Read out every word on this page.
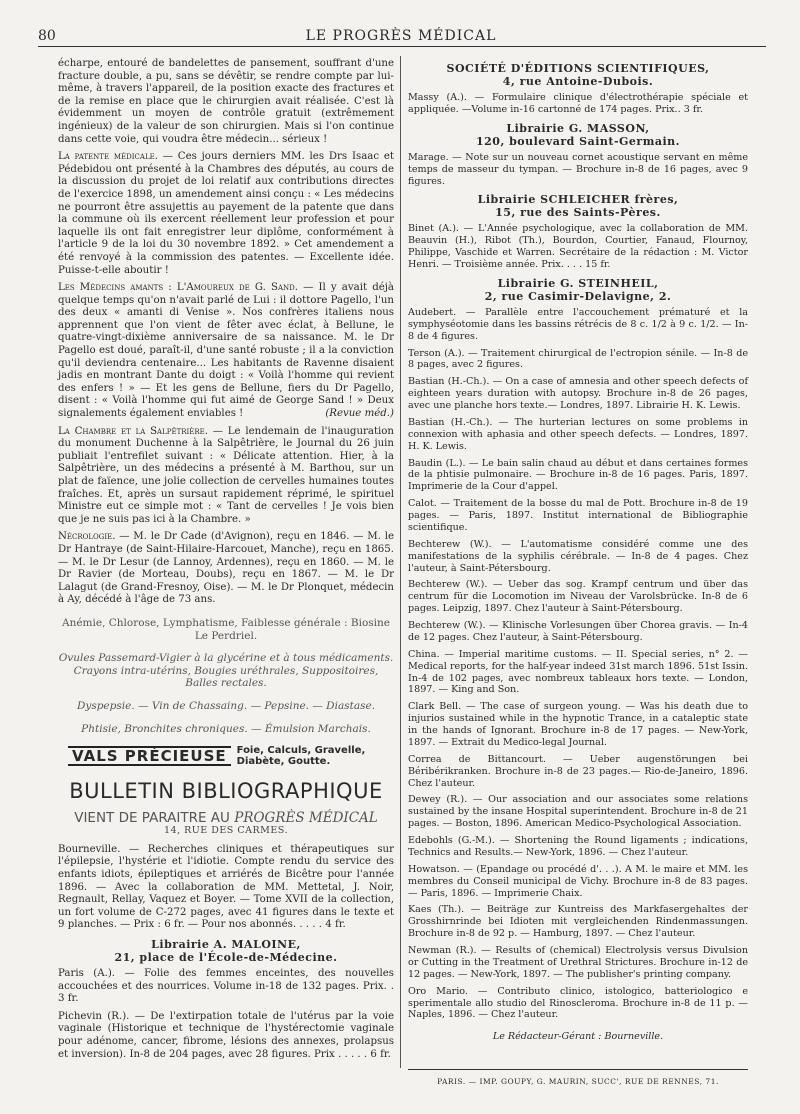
80	LE PROGRÈS MÉDICAL

écharpe, entouré de bandelettes de pansement, souffrant d'une fracture double, a pu, sans se dévêtir, se rendre compte par lui-même, à travers l'appareil, de la position exacte des fractures et de la remise en place que le chirurgien avait réalisée. C'est là évidemment un moyen de contrôle gratuit (extrêmement ingénieux) de la valeur de son chirurgien. Mais si l'on continue dans cette voie, qui voudra être médecin... sérieux !

La patente médicale. — Ces jours derniers MM. les Drs Isaac et Pédebidou ont présenté à la Chambres des députés, au cours de la discussion du projet de loi relatif aux contributions directes de l'exercice 1898, un amendement ainsi conçu : « Les médecins ne pourront être assujettis au payement de la patente que dans la commune où ils exercent réellement leur profession et pour laquelle ils ont fait enregistrer leur diplôme, conformément à l'article 9 de la loi du 30 novembre 1892. » Cet amendement a été renvoyé à la commission des patentes. — Excellente idée. Puisse-t-elle aboutir !

Les Médecins amants : L'Amoureux de G. Sand. — Il y avait déjà quelque temps qu'on n'avait parlé de Lui : il dottore Pagello, l'un des deux « amanti di Venise ». Nos confrères italiens nous apprennent que l'on vient de fêter avec éclat, à Bellune, le quatre-vingt-dixième anniversaire de sa naissance. M. le Dr Pagello est doué, paraît-il, d'une santé robuste ; il a la conviction qu'il deviendra centenaire... Les habitants de Ravenne disaient jadis en montrant Dante du doigt : « Voilà l'homme qui revient des enfers ! » — Et les gens de Bellune, fiers du Dr Pagello, disent : « Voilà l'homme qui fut aimé de George Sand ! » Deux signalements également enviables !	(Revue méd.)

La Chambre et la Salpêtrière. — Le lendemain de l'inauguration du monument Duchenne à la Salpêtrière, le Journal du 26 juin publiait l'entrefilet suivant : « Délicate attention. Hier, à la Salpêtrière, un des médecins a présenté à M. Barthou, sur un plat de faïence, une jolie collection de cervelles humaines toutes fraîches. Et, après un sursaut rapidement réprimé, le spirituel Ministre eut ce simple mot : « Tant de cervelles ! Je vois bien que je ne suis pas ici à la Chambre. »

Nécrologie. — M. le Dr Cade (d'Avignon), reçu en 1846. — M. le Dr Hantraye (de Saint-Hilaire-Harcouet, Manche), reçu en 1865. — M. le Dr Lesur (de Lannoy, Ardennes), reçu en 1860. — M. le Dr Ravier (de Morteau, Doubs), reçu en 1867. — M. le Dr Lalagut (de Grand-Fresnoy, Oise). — M. le Dr Plonquet, médecin à Ay, décédé à l'âge de 73 ans.

Anémie, Chlorose, Lymphatisme, Faiblesse générale : Biosine Le Perdriel.
Ovules Passemard-Vigier à la glycérine et à tous médicaments. Crayons intra-utérins, Bougies uréthrales, Suppositoires, Balles rectales.
Dyspepsie. — Vin de Chassaing. — Pepsine. — Diastase.
Phtisie, Bronchites chroniques. — Émulsion Marchais.
VALS PRÉCIEUSE	Foie, Calculs, Gravelle,
Diabète, Goutte.
BULLETIN BIBLIOGRAPHIQUE
VIENT DE PARAITRE AU PROGRÈS MÉDICAL
14, RUE DES CARMES.

Bourneville. — Recherches cliniques et thérapeutiques sur l'épilepsie, l'hystérie et l'idiotie. Compte rendu du service des enfants idiots, épileptiques et arriérés de Bicêtre pour l'année 1896. — Avec la collaboration de MM. Mettetal, J. Noir, Regnault, Rellay, Vaquez et Boyer. — Tome XVII de la collection, un fort volume de C-272 pages, avec 41 figures dans le texte et 9 planches. — Prix : 6 fr. — Pour nos abonnés. . . . . 4 fr.

Librairie A. MALOINE,
21, place de l'École-de-Médecine.

Paris (A.). — Folie des femmes enceintes, des nouvelles accouchées et des nourrices. Volume in-18 de 132 pages. Prix. . 3 fr.

Pichevin (R.). — De l'extirpation totale de l'utérus par la voie vaginale (Historique et technique de l'hystérectomie vaginale pour adénome, cancer, fibrome, lésions des annexes, prolapsus et inversion). In-8 de 204 pages, avec 28 figures. Prix . . . . . 6 fr.

SOCIÉTÉ D'ÉDITIONS SCIENTIFIQUES,
4, rue Antoine-Dubois.

Massy (A.). — Formulaire clinique d'électrothérapie spéciale et appliquée. —Volume in-16 cartonné de 174 pages. Prix.. 3 fr.

Librairie G. MASSON,
120, boulevard Saint-Germain.

Marage. — Note sur un nouveau cornet acoustique servant en même temps de masseur du tympan. — Brochure in-8 de 16 pages, avec 9 figures.

Librairie SCHLEICHER frères,
15, rue des Saints-Pères.

Binet (A.). — L'Année psychologique, avec la collaboration de MM. Beauvin (H.), Ribot (Th.), Bourdon, Courtier, Fanaud, Flournoy, Philippe, Vaschide et Warren. Secrétaire de la rédaction : M. Victor Henri. — Troisième année. Prix. . . . 15 fr.

Librairie G. STEINHEIL,
2, rue Casimir-Delavigne, 2.

Audebert. — Parallèle entre l'accouchement prématuré et la symphyséotomie dans les bassins rétrécis de 8 c. 1/2 à 9 c. 1/2. — In-8 de 4 figures.

Terson (A.). — Traitement chirurgical de l'ectropion sénile. — In-8 de 8 pages, avec 2 figures.

Bastian (H.-Ch.). — On a case of amnesia and other speech defects of eighteen years duration with autopsy. Brochure in-8 de 26 pages, avec une planche hors texte.— Londres, 1897. Librairie H. K. Lewis.

Bastian (H.-Ch.). — The hurterian lectures on some problems in connexion with aphasia and other speech defects. — Londres, 1897. H. K. Lewis.

Baudin (L.). — Le bain salin chaud au début et dans certaines formes de la phtisie pulmonaire. — Brochure in-8 de 16 pages. Paris, 1897. Imprimerie de la Cour d'appel.

Calot. — Traitement de la bosse du mal de Pott. Brochure in-8 de 19 pages. — Paris, 1897. Institut international de Bibliographie scientifique.

Bechterew (W.). — L'automatisme considéré comme une des manifestations de la syphilis cérébrale. — In-8 de 4 pages. Chez l'auteur, à Saint-Pétersbourg.

Bechterew (W.). — Ueber das sog. Krampf centrum und über das centrum für die Locomotion im Niveau der Varolsbrücke. In-8 de 6 pages. Leipzig, 1897. Chez l'auteur à Saint-Pétersbourg.

Bechterew (W.). — Klinische Vorlesungen über Chorea gravis. — In-4 de 12 pages. Chez l'auteur, à Saint-Pétersbourg.

China. — Imperial maritime customs. — II. Special series, n° 2. — Medical reports, for the half-year indeed 31st march 1896. 51st Issin. In-4 de 102 pages, avec nombreux tableaux hors texte. — London, 1897. — King and Son.

Clark Bell. — The case of surgeon young. — Was his death due to injurios sustained while in the hypnotic Trance, in a cataleptic state in the hands of Ignorant. Brochure in-8 de 17 pages. — New-York, 1897. — Extrait du Medico-legal Journal.

Correa de Bittancourt. — Ueber augenstörungen bei Béribérikranken. Brochure in-8 de 23 pages.— Rio-de-Janeiro, 1896. Chez l'auteur.

Dewey (R.). — Our association and our associates some relations sustained by the insane Hospital superintendent. Brochure in-8 de 21 pages. — Boston, 1896. American Medico-Psychological Association.

Edebohls (G.-M.). — Shortening the Round ligaments ; indications, Technics and Results.— New-York, 1896. — Chez l'auteur.

Howatson. — (Epandage ou procédé d'. . .). A M. le maire et MM. les membres du Conseil municipal de Vichy. Brochure in-8 de 83 pages. — Paris, 1896. — Imprimerie Chaix.

Kaes (Th.). — Beiträge zur Kuntreiss des Markfasergehaltes der Grosshirnrinde bei Idioten mit vergleichenden Rindenmassungen. Brochure in-8 de 92 p. — Hamburg, 1897. — Chez l'auteur.

Newman (R.). — Results of (chemical) Electrolysis versus Divulsion or Cutting in the Treatment of Urethral Strictures. Brochure in-12 de 12 pages. — New-York, 1897. — The publisher's printing company.

Oro Mario. — Contributo clinico, istologico, batteriologico e sperimentale allo studio del Rinoscleroma. Brochure in-8 de 11 p. — Naples, 1896. — Chez l'auteur.

Le Rédacteur-Gérant : Bourneville.
PARIS. — IMP. GOUPY, G. MAURIN, SUCC', RUE DE RENNES, 71.
